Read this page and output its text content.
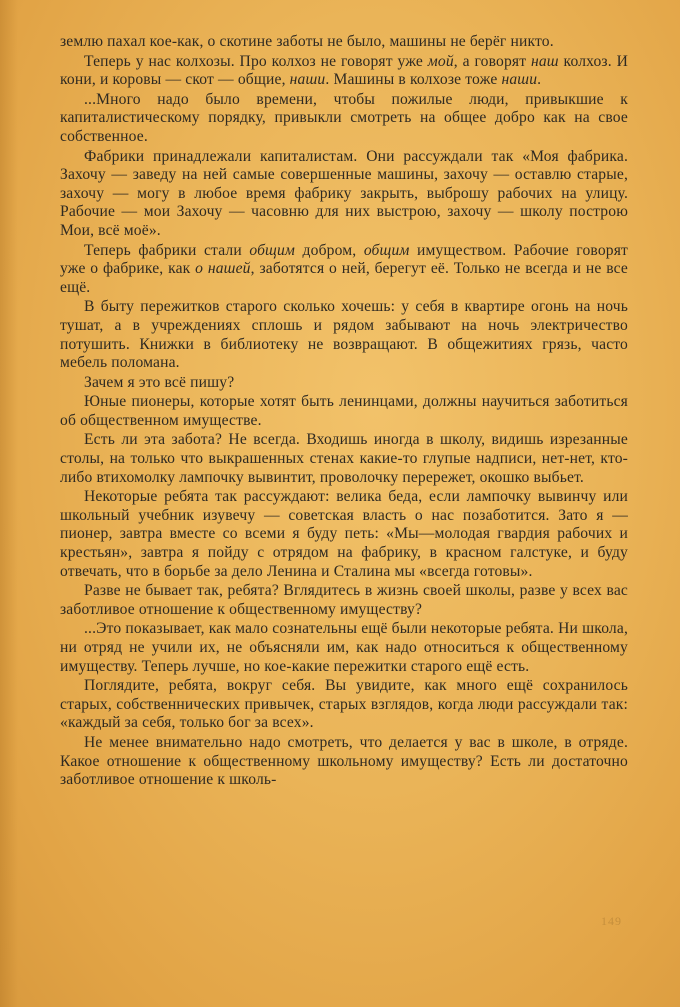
землю пахал кое-как, о скотине заботы не было, машины не берёг никто.

Теперь у нас колхозы. Про колхоз не говорят уже мой, а говорят наш колхоз. И кони, и коровы — скот — общие, наши. Машины в колхозе тоже наши.

...Много надо было времени, чтобы пожилые люди, привыкшие к капиталистическому порядку, привыкли смотреть на общее добро как на свое собственное.

Фабрики принадлежали капиталистам. Они рассуждали так «Моя фабрика. Захочу — заведу на ней самые совершенные машины, захочу — оставлю старые, захочу — могу в любое время фабрику закрыть, выброшу рабочих на улицу. Рабочие — мои Захочу — часовню для них выстрою, захочу — школу построю Мои, всё моё».

Теперь фабрики стали общим добром, общим имуществом. Рабочие говорят уже о фабрике, как о нашей, заботятся о ней, берегут её. Только не всегда и не все ещё.

В быту пережитков старого сколько хочешь: у себя в квартире огонь на ночь тушат, а в учреждениях сплошь и рядом забывают на ночь электричество потушить. Книжки в библиотеку не возвращают. В общежитиях грязь, часто мебель поломана.

Зачем я это всё пишу?

Юные пионеры, которые хотят быть ленинцами, должны научиться заботиться об общественном имуществе.

Есть ли эта забота? Не всегда. Входишь иногда в школу, видишь изрезанные столы, на только что выкрашенных стенах какие-то глупые надписи, нет-нет, кто-либо втихомолку лампочку вывинтит, проволочку перережет, окошко выбьет.

Некоторые ребята так рассуждают: велика беда, если лампочку вывинчу или школьный учебник изувечу — советская власть о нас позаботится. Зато я — пионер, завтра вместе со всеми я буду петь: «Мы—молодая гвардия рабочих и крестьян», завтра я пойду с отрядом на фабрику, в красном галстуке, и буду отвечать, что в борьбе за дело Ленина и Сталина мы «всегда готовы».

Разве не бывает так, ребята? Вглядитесь в жизнь своей школы, разве у всех вас заботливое отношение к общественному имуществу?

...Это показывает, как мало сознательны ещё были некоторые ребята. Ни школа, ни отряд не учили их, не объясняли им, как надо относиться к общественному имуществу. Теперь лучше, но кое-какие пережитки старого ещё есть.

Поглядите, ребята, вокруг себя. Вы увидите, как много ещё сохранилось старых, собственнических привычек, старых взглядов, когда люди рассуждали так: «каждый за себя, только бог за всех».

Не менее внимательно надо смотреть, что делается у вас в школе, в отряде. Какое отношение к общественному школьному имуществу? Есть ли достаточно заботливое отношение к школь-

149
